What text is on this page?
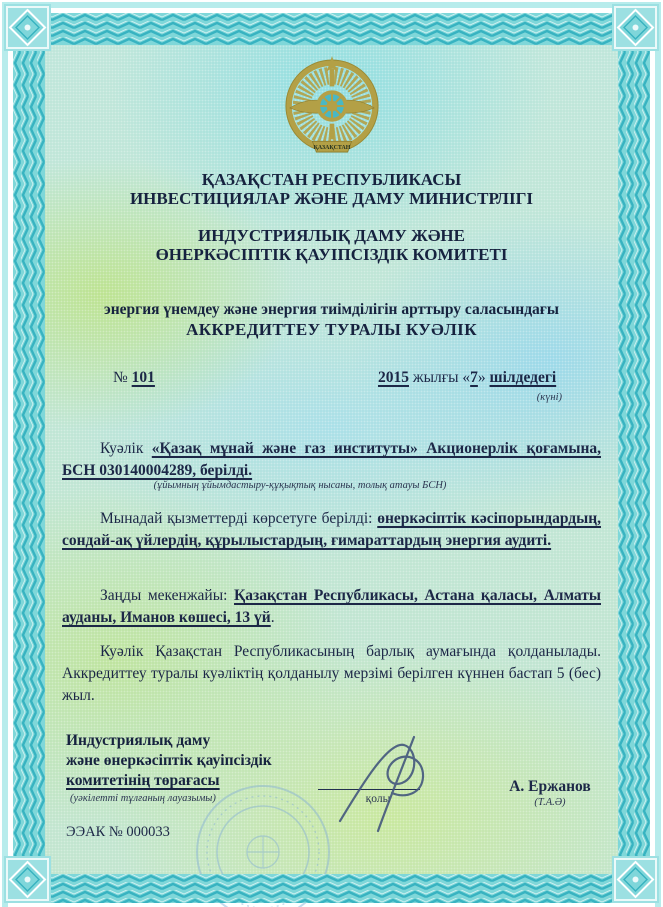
ҚАЗАҚСТАН
ҚАЗАҚСТАН РЕСПУБЛИКАСЫ
ИНВЕСТИЦИЯЛАР ЖӘНЕ ДАМУ МИНИСТРЛІГІ
ИНДУСТРИЯЛЫҚ ДАМУ ЖӘНЕ
ӨНЕРКӘСІПТІК ҚАУІПСІЗДІК КОМИТЕТІ
энергия үнемдеу және энергия тиімділігін арттыру саласындағы
АККРЕДИТТЕУ ТУРАЛЫ КУӘЛІК
№ 101	2015 жылғы «7» шілдедегі
(күні)

Куәлік «Қазақ мұнай және газ институты» Акционерлік қоғамына, БСН 030140004289, берілді.

(ұйымның ұйымдастыру-құқықтық нысаны, толық атауы БСН)

Мынадай қызметтерді көрсетуге берілді: өнеркәсіптік кәсіпорындардың, сондай-ақ үйлердің, құрылыстардың, ғимараттардың энергия аудиті.

Заңды мекенжайы: Қазақстан Республикасы, Астана қаласы, Алматы ауданы, Иманов көшесі, 13 үй.

Куәлік Қазақстан Республикасының барлық аумағында қолданылады. Аккредиттеу туралы куәліктің қолданылу мерзімі берілген күннен бастап 5 (бес) жыл.

Индустриялық даму
және өнеркәсіптік қауіпсіздік
комитетінің төрағасы
(уәкілетті тұлғаның лауазымы)	қолы
А. Ержанов
(Т.А.Ә)
ЭЭАК № 000033
